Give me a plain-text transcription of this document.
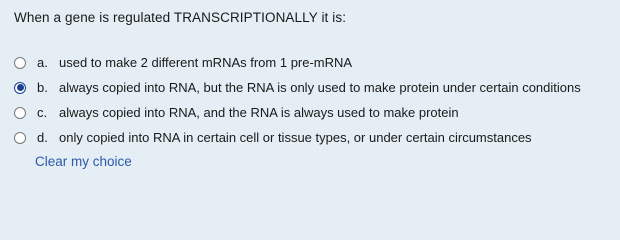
When a gene is regulated TRANSCRIPTIONALLY it is:
a. used to make 2 different mRNAs from 1 pre-mRNA
b. always copied into RNA, but the RNA is only used to make protein under certain conditions
c. always copied into RNA, and the RNA is always used to make protein
d. only copied into RNA in certain cell or tissue types, or under certain circumstances
Clear my choice
